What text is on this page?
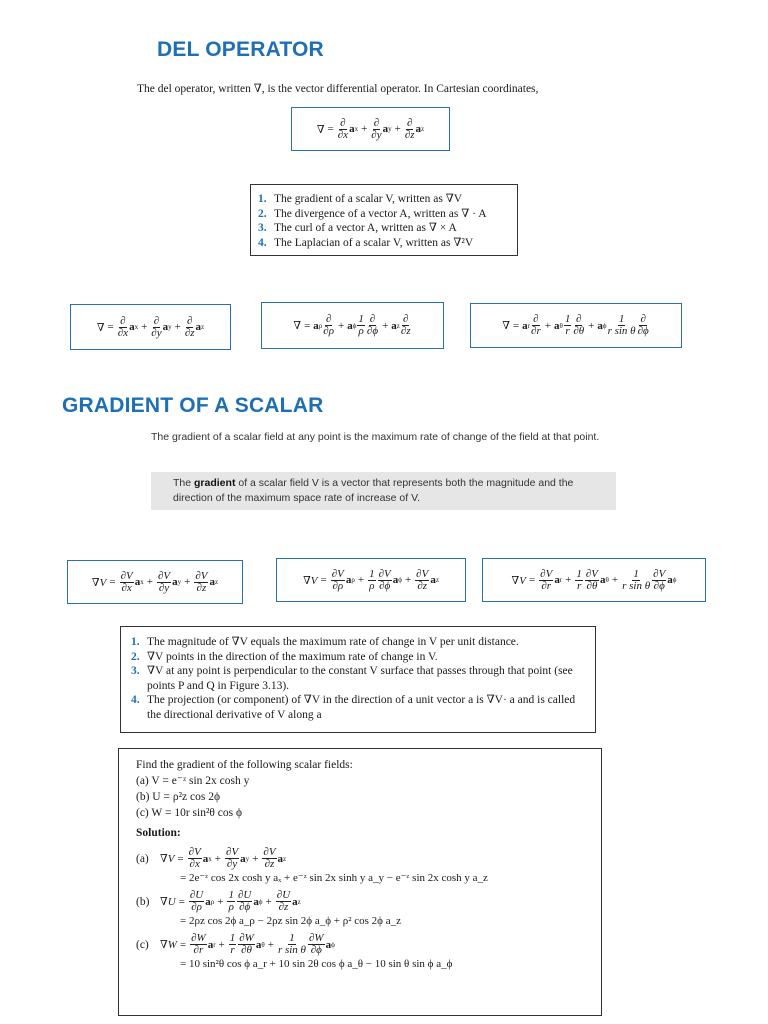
DEL OPERATOR
The del operator, written ∇, is the vector differential operator. In Cartesian coordinates,
∇ =
∂
∂x a x +
∂
∂y a y +
∂
∂z a z
1. The gradient of a scalar V, written as ∇V
2. The divergence of a vector A, written as ∇ · A
3. The curl of a vector A, written as ∇ × A
4. The Laplacian of a scalar V, written as ∇²V
∇ =
∂
∂x a x +
∂
∂y a y +
∂
∂z a z	∇ = a ρ
∂
∂ρ + a ϕ
1
ρ
∂
∂ϕ + a z
∂
∂z	∇ = a r
∂
∂r + a θ
1
r
∂
∂θ + a ϕ
1
r sin θ
∂
∂ϕ
GRADIENT OF A SCALAR
The gradient of a scalar field at any point is the maximum rate of change of the field at that point.
The gradient of a scalar field V is a vector that represents both the magnitude and the direction of the maximum space rate of increase of V.
$\nabla V = \frac{\partial V}{\partial x}$ a $x + \frac{\partial V}{\partial y}$ a $y + \frac{\partial V}{\partial z}$ a z	$\nabla V = \frac{\partial V}{\partial\rho}$ a $\rho + \frac{1}{\rho} \partial V$
∂ϕ a $\phi + \frac{\partial V}{\partial z}$ a z	$\nabla V = \frac{\partial V}{\partial r}$ a $r + \frac{1}{r} \partial V$
∂θ a $\theta + \frac{1}{\text{r sin θ}} \partial V$
∂ϕ a ϕ
1. The magnitude of ∇V equals the maximum rate of change in V per unit distance.
2. ∇V points in the direction of the maximum rate of change in V.
3. ∇V at any point is perpendicular to the constant V surface that passes through that point (see points P and Q in Figure 3.13).
4. The projection (or component) of ∇V in the direction of a unit vector a is ∇V· a and is called the directional derivative of V along a
Find the gradient of the following scalar fields:
(a) V = e⁻ᶻ sin 2x cosh y
(b) U = ρ²z cos 2ϕ
(c) W = 10r sin²θ cos ϕ
Solution:
(a)	∇ $V = \frac{\partial V}{\partial x}$ a $x + \frac{\partial V}{\partial y}$ a $y + \frac{\partial V}{\partial z}$ a z
= 2e⁻ᶻ cos 2x cosh y aₓ + e⁻ᶻ sin 2x sinh y a_y − e⁻ᶻ sin 2x cosh y a_z
(b) ∇ $U = \frac{\partial U}{\partial\rho}$ a $\rho + \frac{1}{\rho} \partial U$
∂ϕ a $\phi + \frac{\partial U}{\partial z}$ a z
= 2ρz cos 2ϕ a_ρ − 2ρz sin 2ϕ a_ϕ + ρ² cos 2ϕ a_z
(c)	∇ $W = \frac{\partial W}{\partial r}$ a $r + \frac{1}{r} \partial W$
∂θ a $\theta + \frac{1}{\text{r sin θ}} \partial W$
∂ϕ a ϕ
= 10 sin²θ cos ϕ a_r + 10 sin 2θ cos ϕ a_θ − 10 sin θ sin ϕ a_ϕ
